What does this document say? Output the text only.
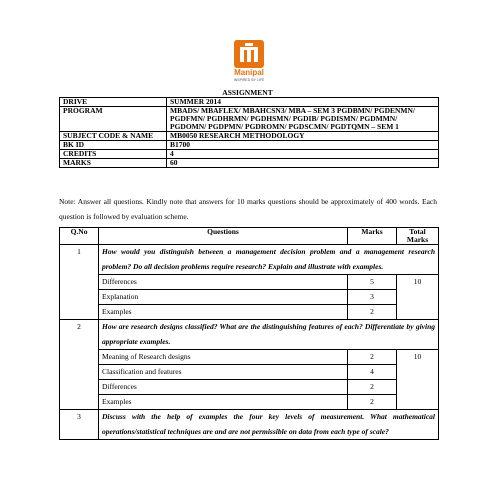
Manipal
INSPIRED BY LIFE
ASSIGNMENT
DRIVE	SUMMER 2014
PROGRAM	MBADS/ MBAFLEX/ MBAHCSN3/ MBA – SEM 3 PGDBMN/ PGDENMN/ PGDFMN/ PGDHRMN/ PGDHSMN/ PGDIB/ PGDISMN/ PGDMMN/ PGDOMN/ PGDPMN/ PGDROMN/ PGDSCMN/ PGDTQMN – SEM 1
SUBJECT CODE & NAME	MB0050 RESEARCH METHODOLOGY
BK ID	B1700
CREDITS	4
MARKS	60
Note: Answer all questions. Kindly note that answers for 10 marks questions should be approximately of 400 words. Each question is followed by evaluation scheme.
Q.No	Questions	Marks	Total Marks
1	How would you distinguish between a management decision problem and a management research problem? Do all decision problems require research? Explain and illustrate with examples.		
	Differences	5	10
	Explanation	3	
	Examples	2	
2	How are research designs classified? What are the distinguishing features of each? Differentiate by giving appropriate examples.		
	Meaning of Research designs	2	10
	Classification and features	4	
	Differences	2	
	Examples	2	
3	Discuss with the help of examples the four key levels of measurement. What mathematical operations/statistical techniques are and are not permissible on data from each type of scale?		
